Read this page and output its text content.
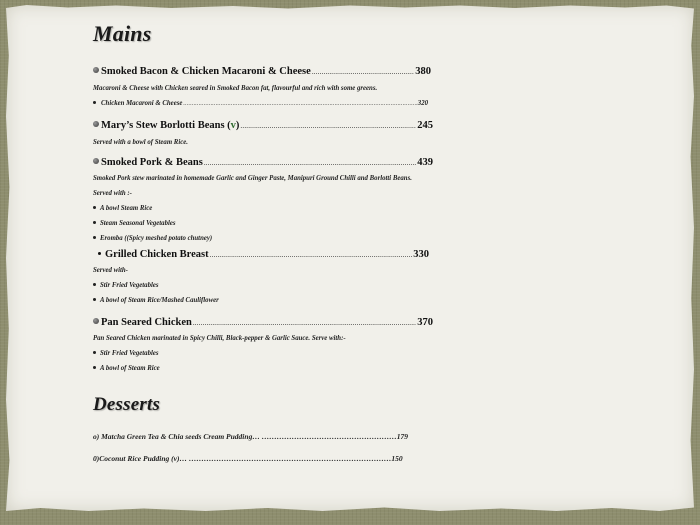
Mains
Smoked Bacon & Chicken Macaroni & Cheese .....	380
Macaroni & Cheese with Chicken seared in Smoked Bacon fat, flavourful and rich with some greens.
Chicken Macaroni & Cheese .....	320
Mary’s Stew Borlotti Beans (v) .....	245
Served with a bowl of Steam Rice.
Smoked Pork & Beans .....	439
Smoked Pork stew marinated in homemade Garlic and Ginger Paste, Manipuri Ground Chilli and Borlotti Beans.
Served with :-
A bowl Steam Rice
Steam Seasonal Vegetables
Eromba ((Spicy meshed potato chutney)
Grilled Chicken Breast .....	330
Served with-
Stir Fried Vegetables
A bowl of Steam Rice/Mashed Cauliflower
Pan Seared Chicken .....	370
Pan Seared Chicken marinated in Spicy Chilli, Black-pepper & Garlic Sauce. Serve with:-
Stir Fried Vegetables
A bowl of Steam Rice
Desserts
o) Matcha Green Tea & Chia seeds Cream Pudding… ………………………………………………179
0)Coconut Rice Pudding (v)… ………………………………………………………………………150
